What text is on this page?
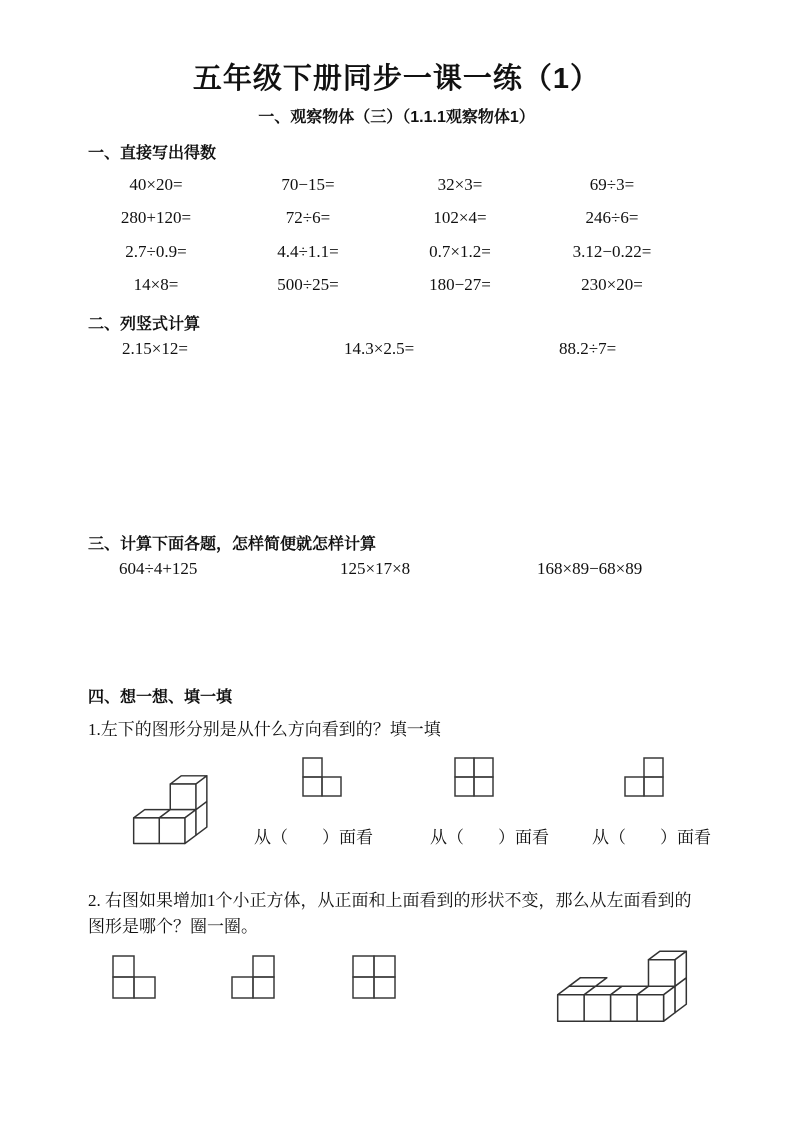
五年级下册同步一课一练（1）
一、观察物体（三）（1.1.1观察物体1）
一、直接写出得数
40×20=	70−15=	32×3=	69÷3=
280+120=	72÷6=	102×4=	246÷6=
2.7÷0.9=	4.4÷1.1=	0.7×1.2=	3.12−0.22=
14×8=	500÷25=	180−27=	230×20=
二、列竖式计算
2.15×12=	14.3×2.5=	88.2÷7=
三、计算下面各题，怎样简便就怎样计算
604÷4+125	125×17×8	168×89−68×89
四、想一想、填一填
1.左下的图形分别是从什么方向看到的？填一填
从（　　）面看	从（　　）面看	从（　　）面看
2. 右图如果增加1个小正方体，从正面和上面看到的形状不变，那么从左面看到的
图形是哪个？圈一圈。
